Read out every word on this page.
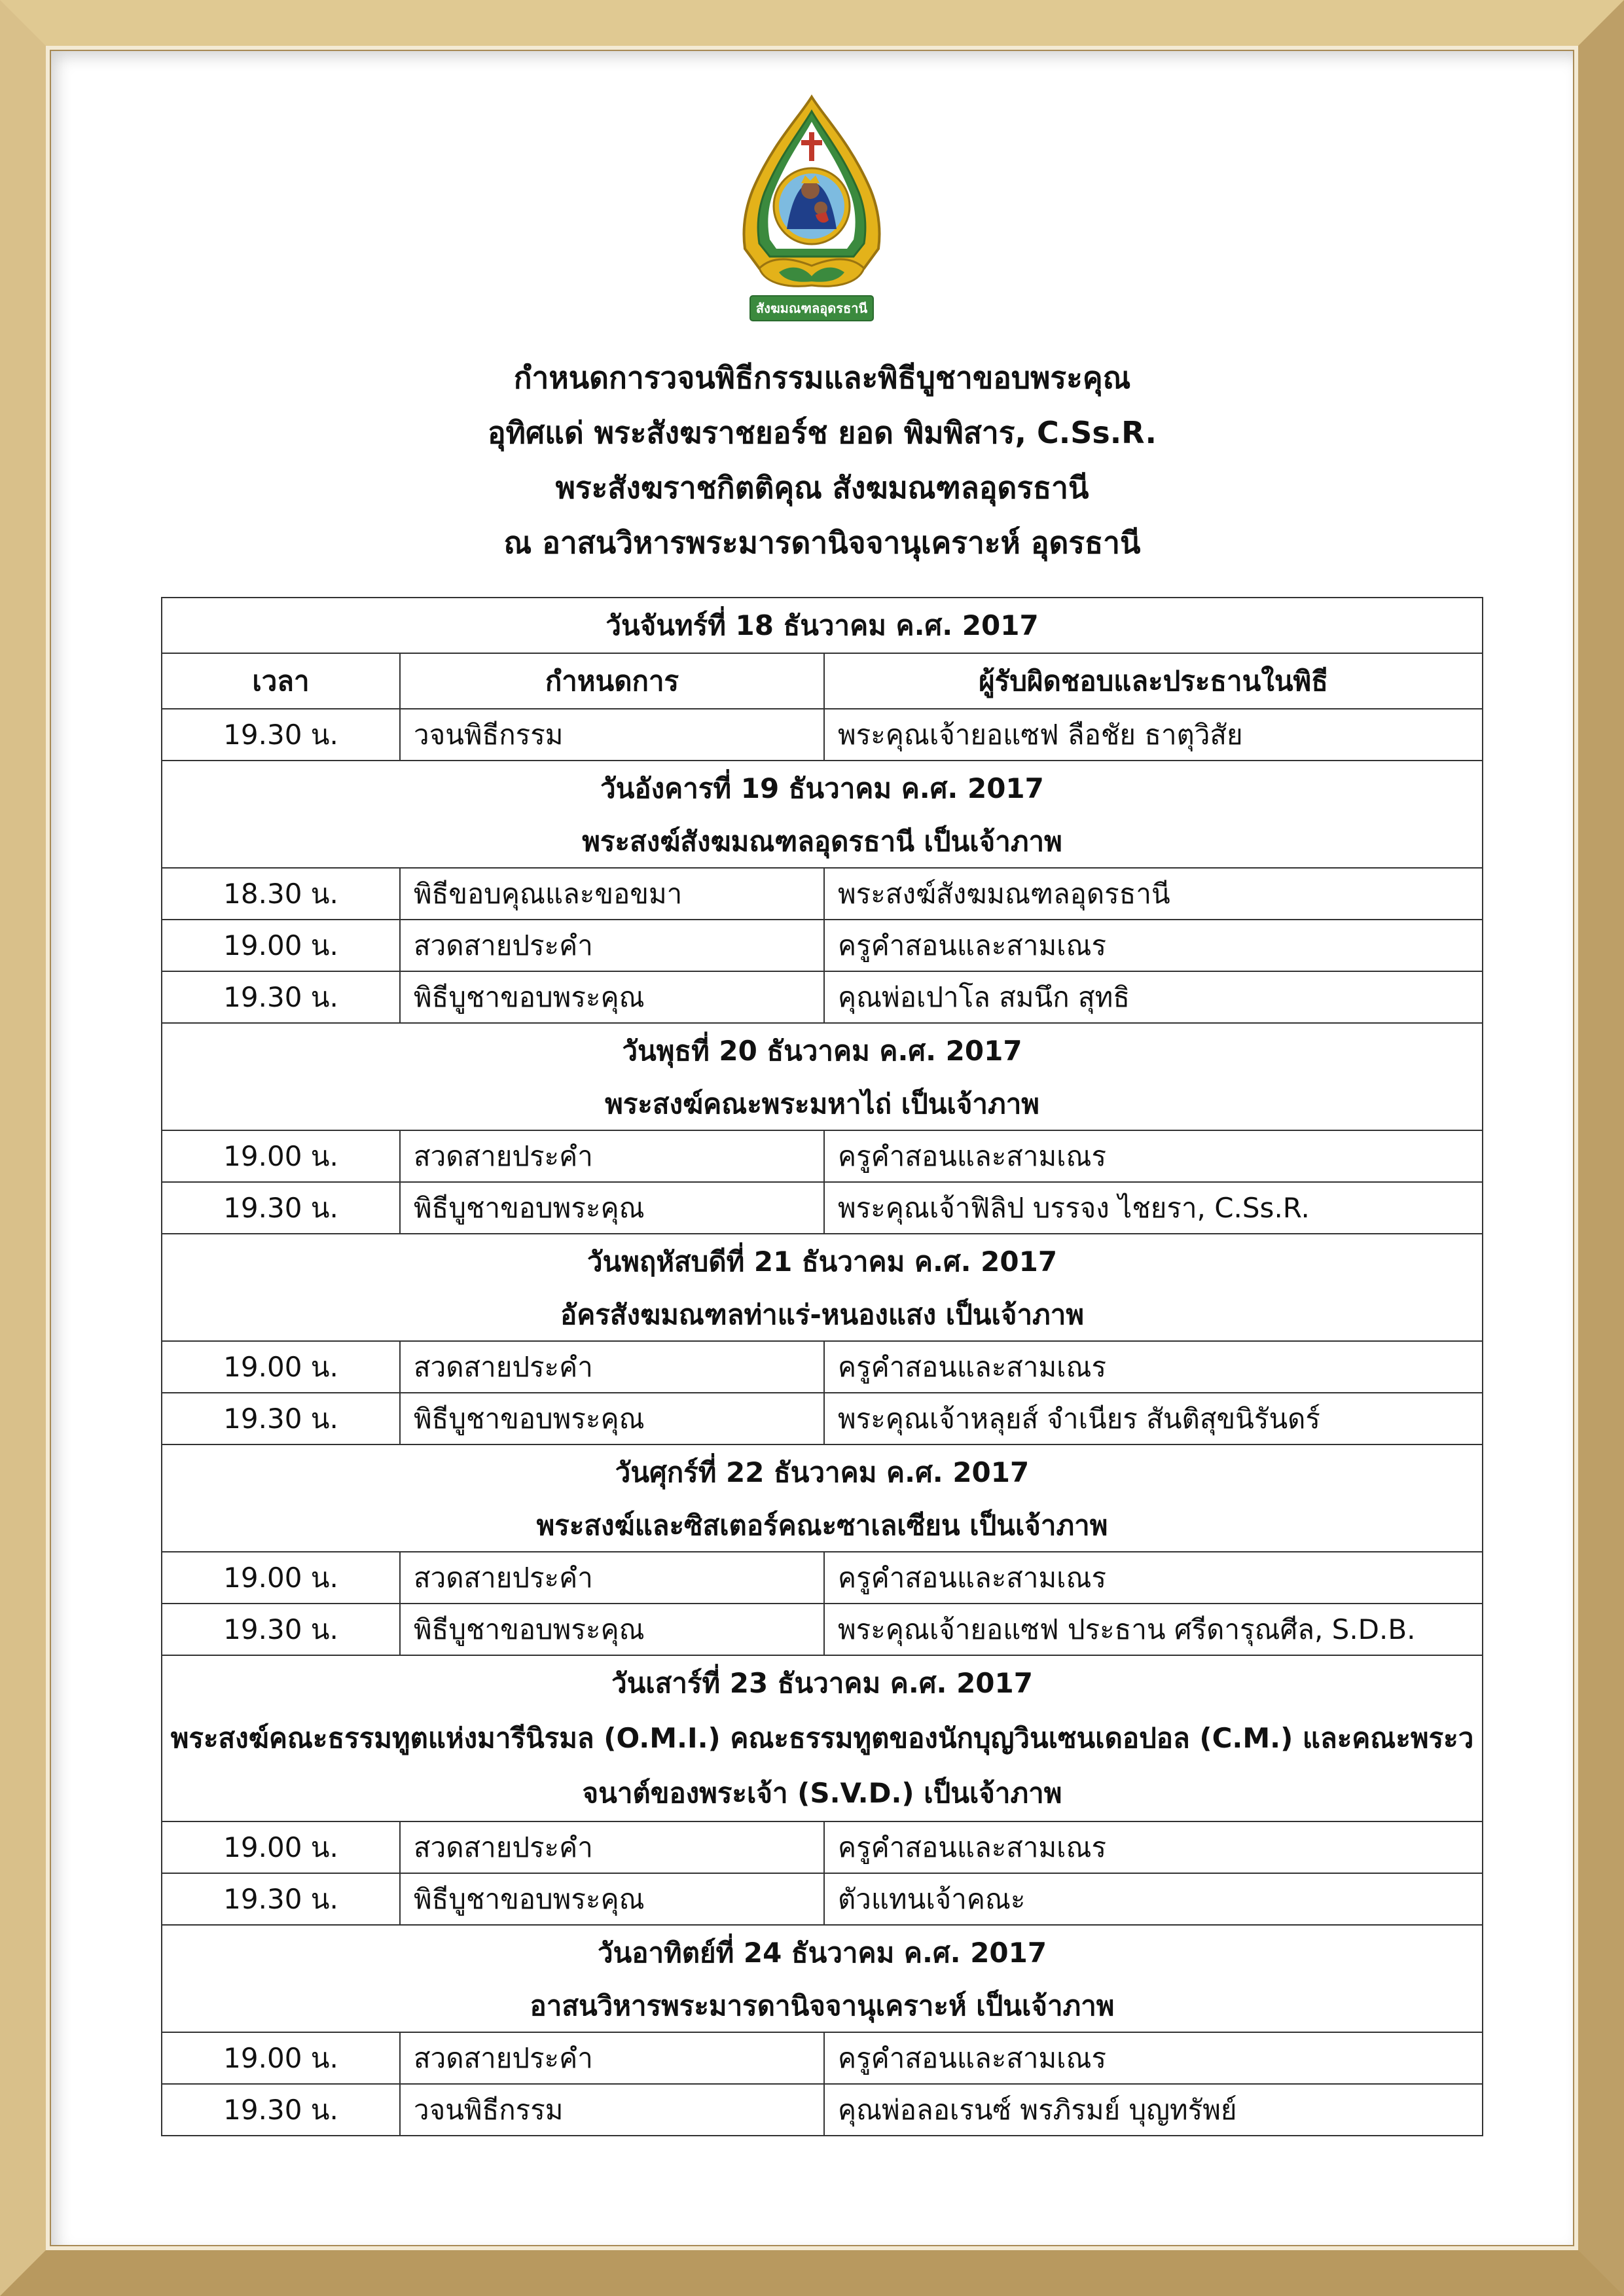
สังฆมณฑลอุดรธานี
กำหนดการวจนพิธีกรรมและพิธีบูชาขอบพระคุณ
อุทิศแด่ พระสังฆราชยอร์ช ยอด พิมพิสาร, C.Ss.R.
พระสังฆราชกิตติคุณ สังฆมณฑลอุดรธานี
ณ อาสนวิหารพระมารดานิจจานุเคราะห์ อุดรธานี
วันจันทร์ที่ 18 ธันวาคม ค.ศ. 2017		
เวลา	กำหนดการ	ผู้รับผิดชอบและประธานในพิธี
19.30 น.	วจนพิธีกรรม	พระคุณเจ้ายอแซฟ ลือชัย ธาตุวิสัย
วันอังคารที่ 19 ธันวาคม ค.ศ. 2017		
พระสงฆ์สังฆมณฑลอุดรธานี เป็นเจ้าภาพ		
18.30 น.	พิธีขอบคุณและขอขมา	พระสงฆ์สังฆมณฑลอุดรธานี
19.00 น.	สวดสายประคำ	ครูคำสอนและสามเณร
19.30 น.	พิธีบูชาขอบพระคุณ	คุณพ่อเปาโล สมนึก สุทธิ
วันพุธที่ 20 ธันวาคม ค.ศ. 2017		
พระสงฆ์คณะพระมหาไถ่ เป็นเจ้าภาพ		
19.00 น.	สวดสายประคำ	ครูคำสอนและสามเณร
19.30 น.	พิธีบูชาขอบพระคุณ	พระคุณเจ้าฟิลิป บรรจง ไชยรา, C.Ss.R.
วันพฤหัสบดีที่ 21 ธันวาคม ค.ศ. 2017		
อัครสังฆมณฑลท่าแร่-หนองแสง เป็นเจ้าภาพ		
19.00 น.	สวดสายประคำ	ครูคำสอนและสามเณร
19.30 น.	พิธีบูชาขอบพระคุณ	พระคุณเจ้าหลุยส์ จำเนียร สันติสุขนิรันดร์
วันศุกร์ที่ 22 ธันวาคม ค.ศ. 2017		
พระสงฆ์และซิสเตอร์คณะซาเลเซียน เป็นเจ้าภาพ		
19.00 น.	สวดสายประคำ	ครูคำสอนและสามเณร
19.30 น.	พิธีบูชาขอบพระคุณ	พระคุณเจ้ายอแซฟ ประธาน ศรีดารุณศีล, S.D.B.
วันเสาร์ที่ 23 ธันวาคม ค.ศ. 2017		
พระสงฆ์คณะธรรมทูตแห่งมารีนิรมล (O.M.I.) คณะธรรมทูตของนักบุญวินเซนเดอปอล (C.M.) และคณะพระวจนาต์ของพระเจ้า (S.V.D.) เป็นเจ้าภาพ		
19.00 น.	สวดสายประคำ	ครูคำสอนและสามเณร
19.30 น.	พิธีบูชาขอบพระคุณ	ตัวแทนเจ้าคณะ
วันอาทิตย์ที่ 24 ธันวาคม ค.ศ. 2017		
อาสนวิหารพระมารดานิจจานุเคราะห์ เป็นเจ้าภาพ		
19.00 น.	สวดสายประคำ	ครูคำสอนและสามเณร
19.30 น.	วจนพิธีกรรม	คุณพ่อลอเรนซ์ พรภิรมย์ บุญทรัพย์
